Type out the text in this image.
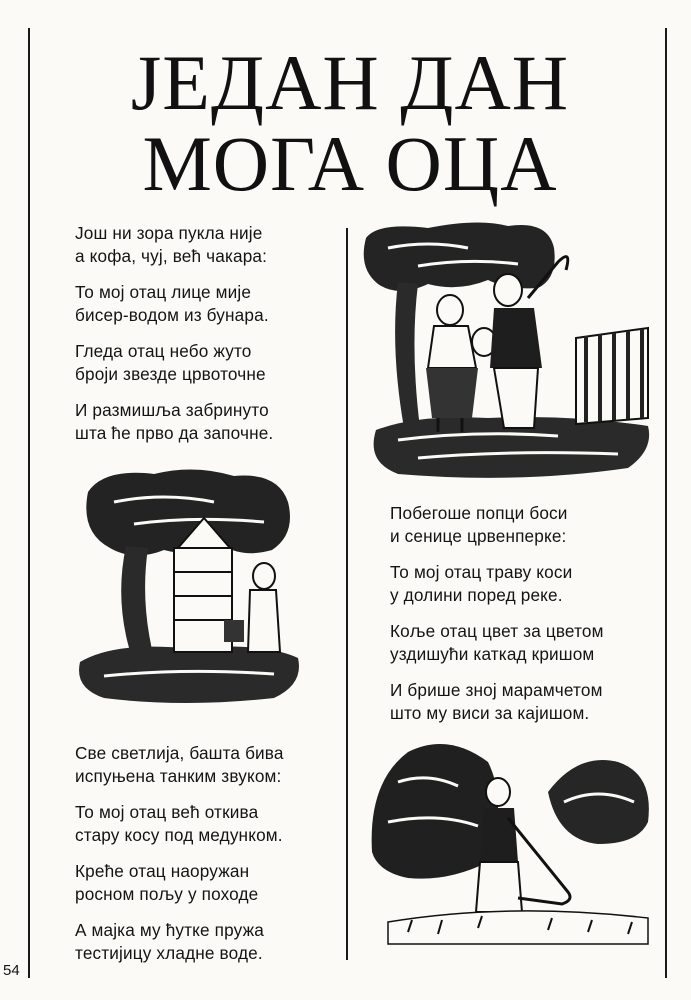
ЈЕДАН ДАН
МОГА ОЦА

Још ни зора пукла није

а кофа, чуј, већ чакара:

То мој отац лице мије

бисер-водом из бунара.

Гледа отац небо жуто

броји звезде црвоточне

И размишља забринуто

шта ће прво да започне.

Све светлија, башта бива

испуњена танким звуком:

То мој отац већ откива

стару косу под медунком.

Креће отац наоружан

росном пољу у походе

А мајка му ћутке пружа

тестијицу хладне воде.

Побегоше попци боси

и сенице црвенперке:

То мој отац траву коси

у долини поред реке.

Коље отац цвет за цветом

уздишући каткад кришом

И брише зној марамчетом

што му виси за кајишом.

54
